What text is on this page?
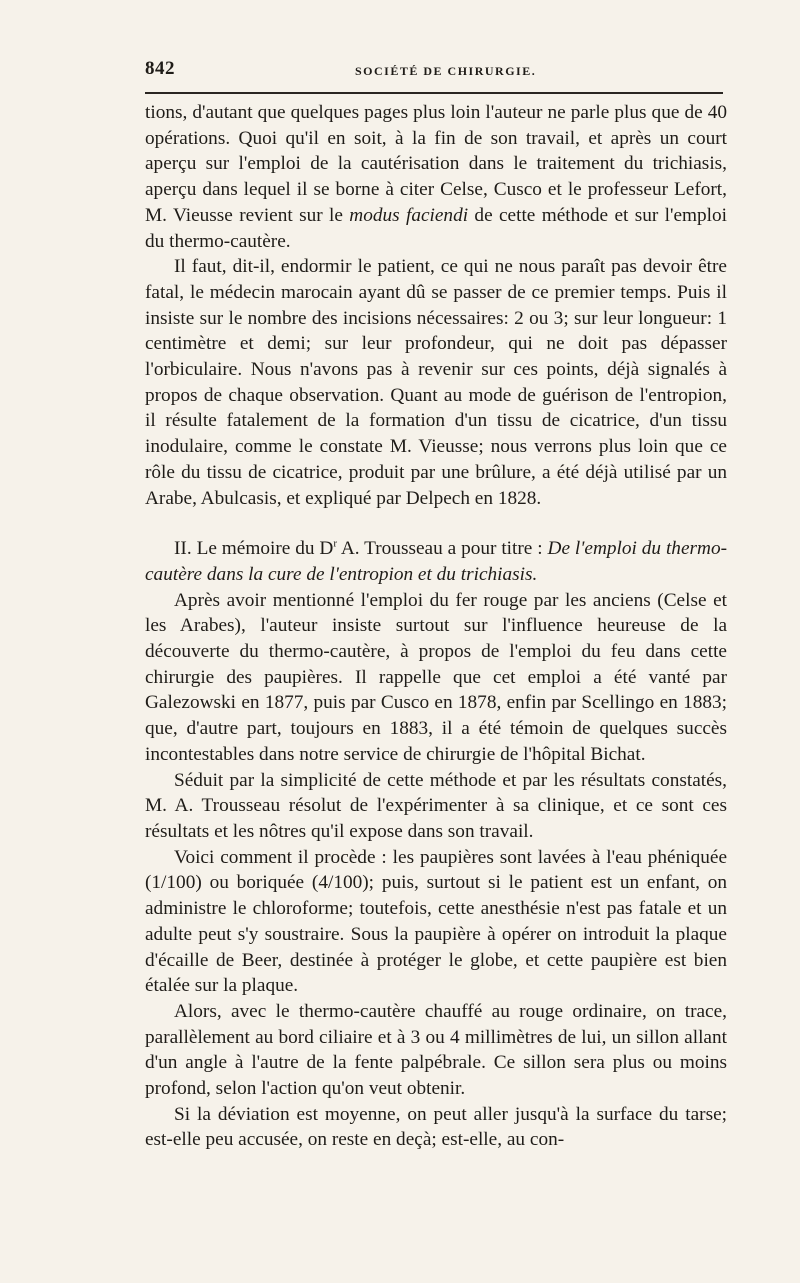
842	SOCIÉTÉ DE CHIRURGIE.

tions, d'autant que quelques pages plus loin l'auteur ne parle plus que de 40 opérations. Quoi qu'il en soit, à la fin de son travail, et après un court aperçu sur l'emploi de la cautérisation dans le traitement du trichiasis, aperçu dans lequel il se borne à citer Celse, Cusco et le professeur Lefort, M. Vieusse revient sur le modus faciendi de cette méthode et sur l'emploi du thermo-cautère.

Il faut, dit-il, endormir le patient, ce qui ne nous paraît pas devoir être fatal, le médecin marocain ayant dû se passer de ce premier temps. Puis il insiste sur le nombre des incisions nécessaires: 2 ou 3; sur leur longueur: 1 centimètre et demi; sur leur profondeur, qui ne doit pas dépasser l'orbiculaire. Nous n'avons pas à revenir sur ces points, déjà signalés à propos de chaque observation. Quant au mode de guérison de l'entropion, il résulte fatalement de la formation d'un tissu de cicatrice, d'un tissu inodulaire, comme le constate M. Vieusse; nous verrons plus loin que ce rôle du tissu de cicatrice, produit par une brûlure, a été déjà utilisé par un Arabe, Abulcasis, et expliqué par Delpech en 1828.

II. Le mémoire du $D^r$ A. Trousseau a pour titre : De l'emploi du thermo-cautère dans la cure de l'entropion et du trichiasis.

Après avoir mentionné l'emploi du fer rouge par les anciens (Celse et les Arabes), l'auteur insiste surtout sur l'influence heureuse de la découverte du thermo-cautère, à propos de l'emploi du feu dans cette chirurgie des paupières. Il rappelle que cet emploi a été vanté par Galezowski en 1877, puis par Cusco en 1878, enfin par Scellingo en 1883; que, d'autre part, toujours en 1883, il a été témoin de quelques succès incontestables dans notre service de chirurgie de l'hôpital Bichat.

Séduit par la simplicité de cette méthode et par les résultats constatés, M. A. Trousseau résolut de l'expérimenter à sa clinique, et ce sont ces résultats et les nôtres qu'il expose dans son travail.

Voici comment il procède : les paupières sont lavées à l'eau phéniquée (1/100) ou boriquée (4/100); puis, surtout si le patient est un enfant, on administre le chloroforme; toutefois, cette anesthésie n'est pas fatale et un adulte peut s'y soustraire. Sous la paupière à opérer on introduit la plaque d'écaille de Beer, destinée à protéger le globe, et cette paupière est bien étalée sur la plaque.

Alors, avec le thermo-cautère chauffé au rouge ordinaire, on trace, parallèlement au bord ciliaire et à 3 ou 4 millimètres de lui, un sillon allant d'un angle à l'autre de la fente palpébrale. Ce sillon sera plus ou moins profond, selon l'action qu'on veut obtenir.

Si la déviation est moyenne, on peut aller jusqu'à la surface du tarse; est-elle peu accusée, on reste en deçà; est-elle, au con-
